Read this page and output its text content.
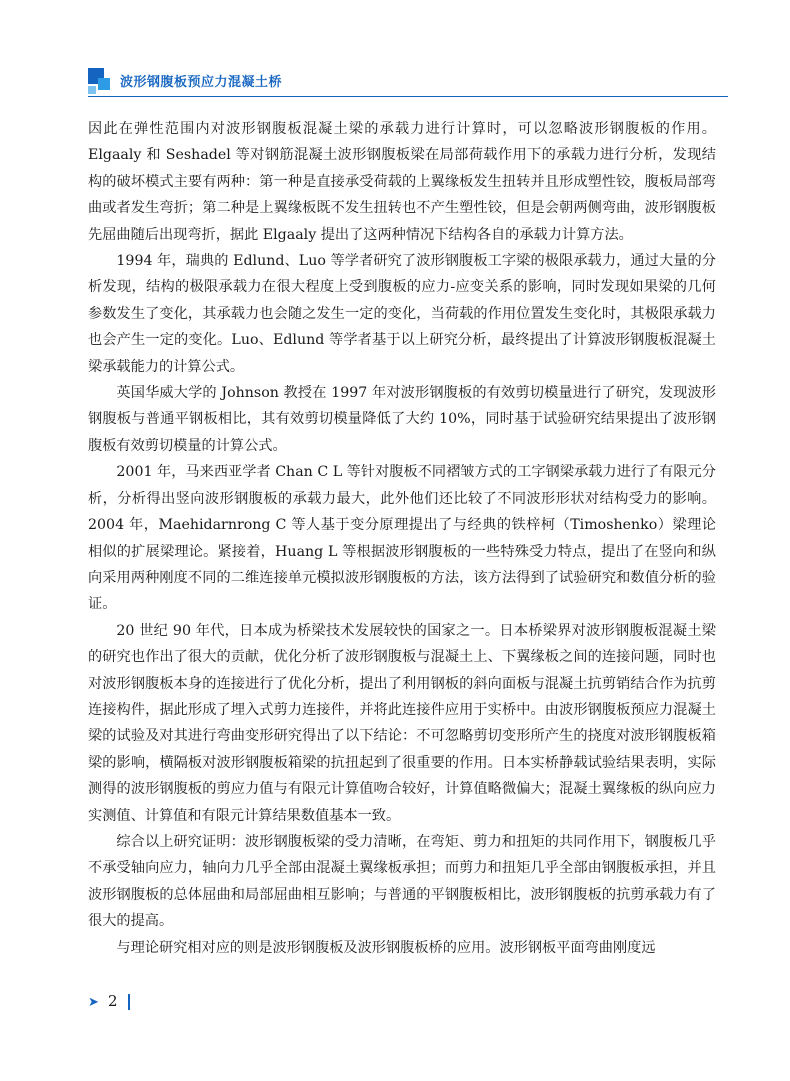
波形钢腹板预应力混凝土桥

因此在弹性范围内对波形钢腹板混凝土梁的承载力进行计算时，可以忽略波形钢腹板的作用。Elgaaly 和 Seshadel 等对钢筋混凝土波形钢腹板梁在局部荷载作用下的承载力进行分析，发现结构的破坏模式主要有两种：第一种是直接承受荷载的上翼缘板发生扭转并且形成塑性铰，腹板局部弯曲或者发生弯折；第二种是上翼缘板既不发生扭转也不产生塑性铰，但是会朝两侧弯曲，波形钢腹板先屈曲随后出现弯折，据此 Elgaaly 提出了这两种情况下结构各自的承载力计算方法。

1994 年，瑞典的 Edlund、Luo 等学者研究了波形钢腹板工字梁的极限承载力，通过大量的分析发现，结构的极限承载力在很大程度上受到腹板的应力-应变关系的影响，同时发现如果梁的几何参数发生了变化，其承载力也会随之发生一定的变化，当荷载的作用位置发生变化时，其极限承载力也会产生一定的变化。Luo、Edlund 等学者基于以上研究分析，最终提出了计算波形钢腹板混凝土梁承载能力的计算公式。

英国华威大学的 Johnson 教授在 1997 年对波形钢腹板的有效剪切模量进行了研究，发现波形钢腹板与普通平钢板相比，其有效剪切模量降低了大约 10%，同时基于试验研究结果提出了波形钢腹板有效剪切模量的计算公式。

2001 年，马来西亚学者 Chan C L 等针对腹板不同褶皱方式的工字钢梁承载力进行了有限元分析，分析得出竖向波形钢腹板的承载力最大，此外他们还比较了不同波形形状对结构受力的影响。2004 年，Maehidarnrong C 等人基于变分原理提出了与经典的铁梓柯（Timoshenko）梁理论相似的扩展梁理论。紧接着，Huang L 等根据波形钢腹板的一些特殊受力特点，提出了在竖向和纵向采用两种刚度不同的二维连接单元模拟波形钢腹板的方法，该方法得到了试验研究和数值分析的验证。

20 世纪 90 年代，日本成为桥梁技术发展较快的国家之一。日本桥梁界对波形钢腹板混凝土梁的研究也作出了很大的贡献，优化分析了波形钢腹板与混凝土上、下翼缘板之间的连接问题，同时也对波形钢腹板本身的连接进行了优化分析，提出了利用钢板的斜向面板与混凝土抗剪销结合作为抗剪连接构件，据此形成了埋入式剪力连接件，并将此连接件应用于实桥中。由波形钢腹板预应力混凝土梁的试验及对其进行弯曲变形研究得出了以下结论：不可忽略剪切变形所产生的挠度对波形钢腹板箱梁的影响，横隔板对波形钢腹板箱梁的抗扭起到了很重要的作用。日本实桥静载试验结果表明，实际测得的波形钢腹板的剪应力值与有限元计算值吻合较好，计算值略微偏大；混凝土翼缘板的纵向应力实测值、计算值和有限元计算结果数值基本一致。

综合以上研究证明：波形钢腹板梁的受力清晰，在弯矩、剪力和扭矩的共同作用下，钢腹板几乎不承受轴向应力，轴向力几乎全部由混凝土翼缘板承担；而剪力和扭矩几乎全部由钢腹板承担，并且波形钢腹板的总体屈曲和局部屈曲相互影响；与普通的平钢腹板相比，波形钢腹板的抗剪承载力有了很大的提高。

与理论研究相对应的则是波形钢腹板及波形钢腹板桥的应用。波形钢板平面弯曲刚度远

➤ 2
